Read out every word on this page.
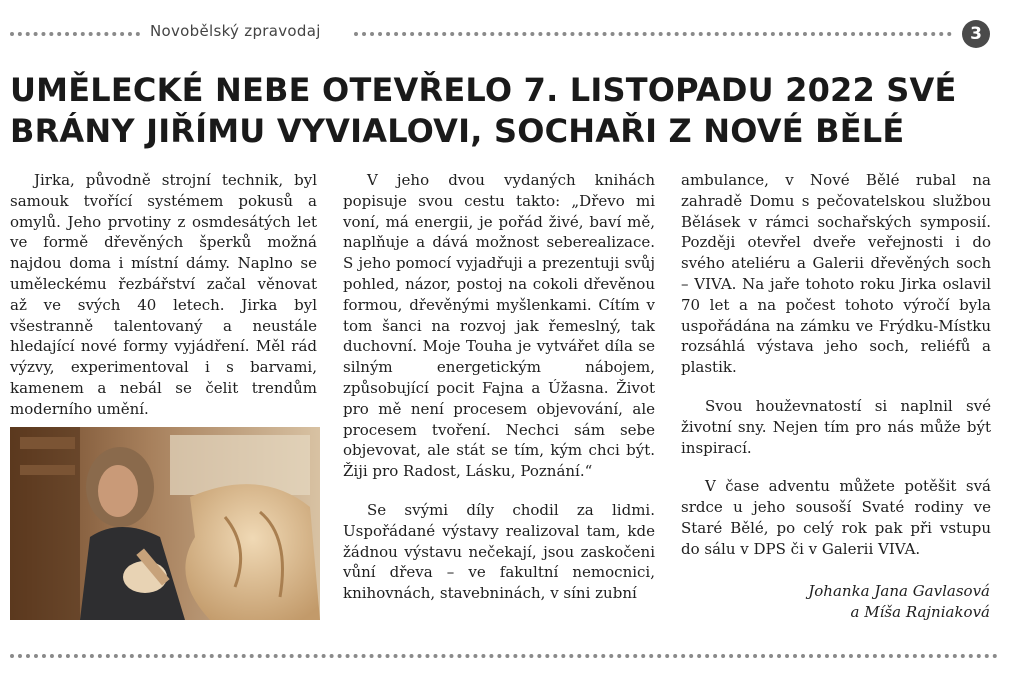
Novobělský zpravodaj	3
UMĚLECKÉ NEBE OTEVŘELO 7. LISTOPADU 2022 SVÉ BRÁNY JIŘÍMU VYVIALOVI, SOCHAŘI Z NOVÉ BĚLÉ

Jirka, původně strojní technik, byl samouk tvořící systémem pokusů a omylů. Jeho prvotiny z osmdesátých let ve formě dřevěných šperků možná najdou doma i místní dámy. Naplno se uměleckému řezbářství začal věnovat až ve svých 40 letech. Jirka byl všestranně talentovaný a neustále hledající nové formy vyjádření. Měl rád výzvy, experimentoval i s barvami, kamenem a nebál se čelit trendům moderního umění.

V jeho dvou vydaných knihách popisuje svou cestu takto: „Dřevo mi voní, má energii, je pořád živé, baví mě, naplňuje a dává možnost seberealizace. S jeho pomocí vyjadřuji a prezentuji svůj pohled, názor, postoj na cokoli dřevěnou formou, dřevěnými myšlenkami. Cítím v tom šanci na rozvoj jak řemeslný, tak duchovní. Moje Touha je vytvářet díla se silným energetickým nábojem, způsobující pocit Fajna a Úžasna. Život pro mě není procesem objevování, ale procesem tvoření. Nechci sám sebe objevovat, ale stát se tím, kým chci být. Žiji pro Radost, Lásku, Poznání.“

Se svými díly chodil za lidmi. Uspořádané výstavy realizoval tam, kde žádnou výstavu nečekají, jsou zaskočeni vůní dřeva – ve fakultní nemocnici, knihovnách, stavebninách, v síni zubní

ambulance, v Nové Bělé rubal na zahradě Domu s pečovatelskou službou Bělásek v rámci sochařských symposií. Později otevřel dveře veřejnosti i do svého ateliéru a Galerii dřevěných soch – VIVA. Na jaře tohoto roku Jirka oslavil 70 let a na počest tohoto výročí byla uspořádána na zámku ve Frýdku-Místku rozsáhlá výstava jeho soch, reliéfů a plastik.

Svou houževnatostí si naplnil své životní sny. Nejen tím pro nás může být inspirací.

V čase adventu můžete potěšit svá srdce u jeho sousoší Svaté rodiny ve Staré Bělé, po celý rok pak při vstupu do sálu v DPS či v Galerii VIVA.

Johanka Jana Gavlasová
a Míša Rajniaková
